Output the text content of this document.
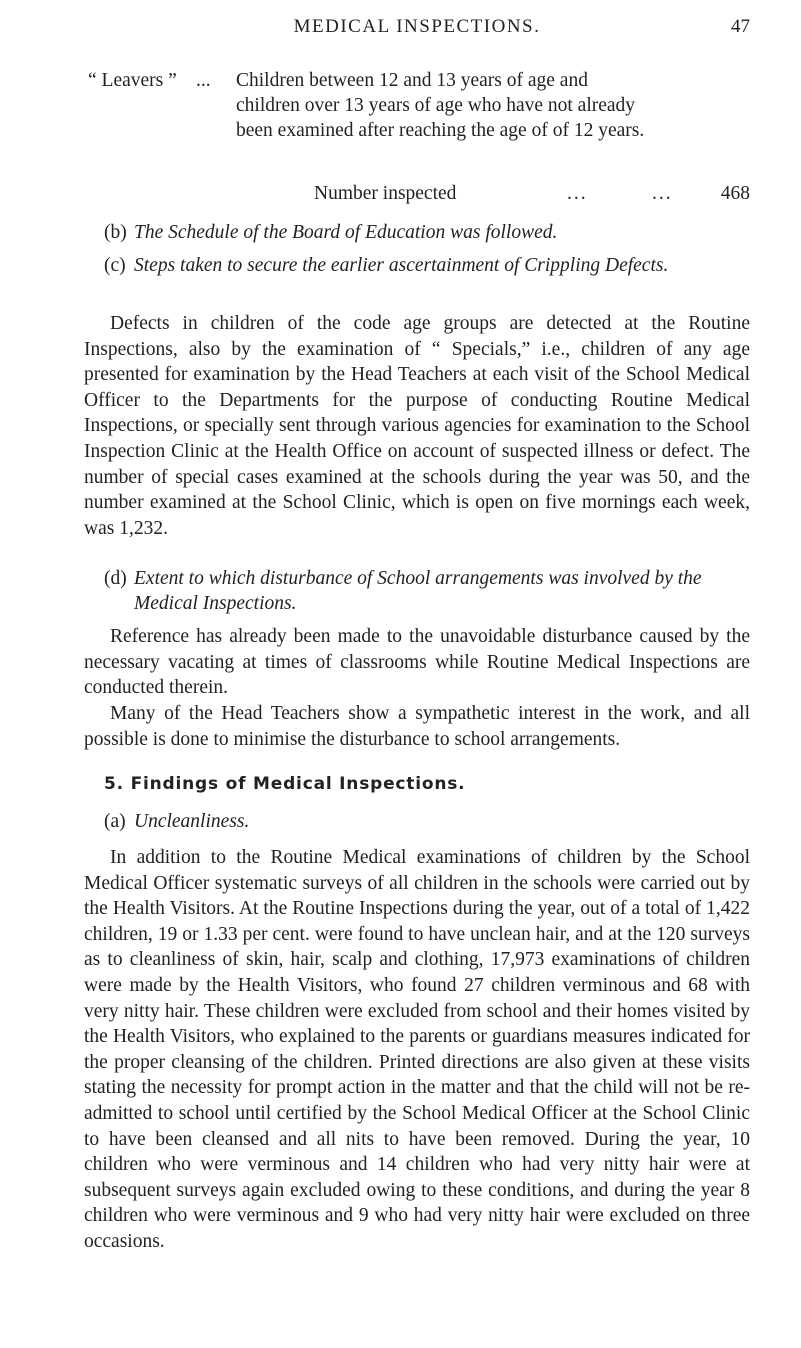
MEDICAL INSPECTIONS.	47
“ Leavers ” ... Children between 12 and 13 years of age and children over 13 years of age who have not already been examined after reaching the age of of 12 years.
Number inspected	...	... 468
(b) The Schedule of the Board of Education was followed.
(c) Steps taken to secure the earlier ascertainment of Crippling Defects.

Defects in children of the code age groups are detected at the Routine Inspections, also by the examination of “ Specials,” i.e., children of any age presented for examination by the Head Teachers at each visit of the School Medical Officer to the Departments for the purpose of conducting Routine Medical Inspections, or specially sent through various agencies for examination to the School Inspection Clinic at the Health Office on account of suspected illness or defect. The number of special cases examined at the schools during the year was 50, and the number examined at the School Clinic, which is open on five mornings each week, was 1,232.

(d) Extent to which disturbance of School arrangements was involved by the Medical Inspections.

Reference has already been made to the unavoidable disturbance caused by the necessary vacating at times of classrooms while Routine Medical Inspections are conducted therein.

Many of the Head Teachers show a sympathetic interest in the work, and all possible is done to minimise the disturbance to school arrangements.

5. Findings of Medical Inspections.
(a) Uncleanliness.

In addition to the Routine Medical examinations of children by the School Medical Officer systematic surveys of all children in the schools were carried out by the Health Visitors. At the Routine Inspections during the year, out of a total of 1,422 children, 19 or 1.33 per cent. were found to have unclean hair, and at the 120 surveys as to cleanliness of skin, hair, scalp and clothing, 17,973 examinations of children were made by the Health Visitors, who found 27 children verminous and 68 with very nitty hair. These children were excluded from school and their homes visited by the Health Visitors, who explained to the parents or guardians measures indicated for the proper cleansing of the children. Printed directions are also given at these visits stating the necessity for prompt action in the matter and that the child will not be re-admitted to school until certified by the School Medical Officer at the School Clinic to have been cleansed and all nits to have been removed. During the year, 10 children who were verminous and 14 children who had very nitty hair were at subsequent surveys again excluded owing to these conditions, and during the year 8 children who were verminous and 9 who had very nitty hair were excluded on three occasions.
